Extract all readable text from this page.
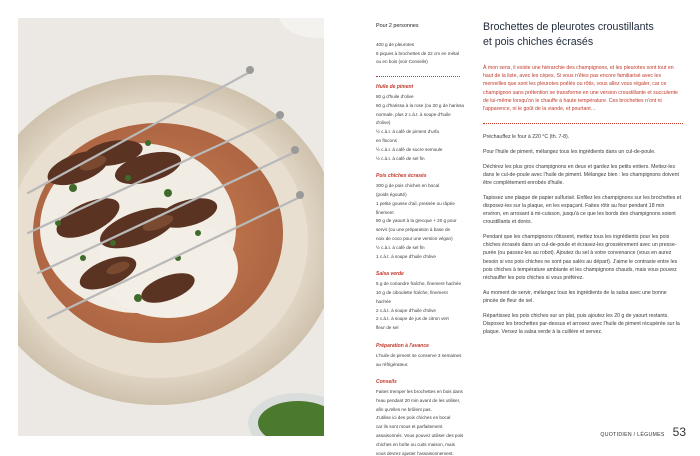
Pour 2 personnes
400 g de pleurotes
6 piques à brochettes de 22 cm en métal
ou en bois (voir Conseils)
Huile de piment
80 g d'huile d'olive
60 g d'harissa à la rose (ou 30 g de harissa
normale, plus 2 c.à.t. à soupe d'huile
d'olive)
½ c.à.t. à café de piment d'urfa
en flocons
½ c.à.t. à café de sucre semoule
½ c.à.t. à café de sel fin
Pois chiches écrasés
300 g de pois chiches en bocal
(poids égoutté)
1 petite gousse d'ail, pressée ou râpée
finement
80 g de yaourt à la grecque + 20 g pour
servir (ou une préparation à base de
noix de coco pour une version végan)
½ c.à.t. à café de sel fin
1 c.à.t. à soupe d'huile d'olive
Salsa verde
5 g de coriandre fraîche, finement hachée
10 g de ciboulette fraîche, finement
hachée
2 c.à.t. à soupe d'huile d'olive
2 c.à.t. à soupe de jus de citron vert
fleur de sel
Préparation à l'avance
L'huile de piment se conserve 3 semaines
au réfrigérateur.
Conseils
Faites tremper les brochettes en bois dans
l'eau pendant 20 min avant de les utiliser,
afin qu'elles ne brûlent pas.
J'utilise ici des pois chiches en bocal
car ils sont mous et parfaitement
assaisonnés. Vous pouvez utiliser des pois
chiches en boîte ou cuits maison, mais
vous devrez ajuster l'assaisonnement.
Brochettes de pleurotes croustillants
et pois chiches écrasés

À mon sens, il existe une hiérarchie des champignons, et les pleurotes sont tout en haut de la liste, avec les cèpes. Si vous n'êtes pas encore familiarisé avec les merveilles que sont les pleurotes poêlés ou rôtis, vous allez vous régaler, car ce champignon sans prétention se transforme en une version croustillante et succulente de lui-même lorsqu'on le chauffe à haute température. Ces brochettes n'ont ni l'apparence, ni le goût de la viande, et pourtant…

Préchauffez le four à 220 °C (th. 7-8).

Pour l'huile de piment, mélangez tous les ingrédients dans un cul-de-poule.

Déchirez les plus gros champignons en deux et gardez les petits entiers. Mettez-les dans le cul-de-poule avec l'huile de piment. Mélangez bien : les champignons doivent être complètement enrobés d'huile.

Tapissez une plaque de papier sulfurisé. Enfilez les champignons sur les brochettes et disposez-les sur la plaque, en les espaçant. Faites rôtir au four pendant 18 min environ, en arrosant à mi-cuisson, jusqu'à ce que les bords des champignons soient croustillants et dorés.

Pendant que les champignons rôtissent, mettez tous les ingrédients pour les pois chiches écrasés dans un cul-de-poule et écrasez-les grossièrement avec un presse-purée (ou passez-les au robot). Ajoutez du sel à votre convenance (vous en aurez besoin si vos pois chiches ne sont pas salés au départ). J'aime le contraste entre les pois chiches à température ambiante et les champignons chauds, mais vous pouvez réchauffer les pois chiches si vous préférez.

Au moment de servir, mélangez tous les ingrédients de la salsa avec une bonne pincée de fleur de sel.

Répartissez les pois chiches sur un plat, puis ajoutez les 20 g de yaourt restants. Disposez les brochettes par-dessus et arrosez avec l'huile de piment récupérée sur la plaque. Versez la salsa verde à la cuillère et servez.

QUOTIDIEN / LÉGUMES 53
